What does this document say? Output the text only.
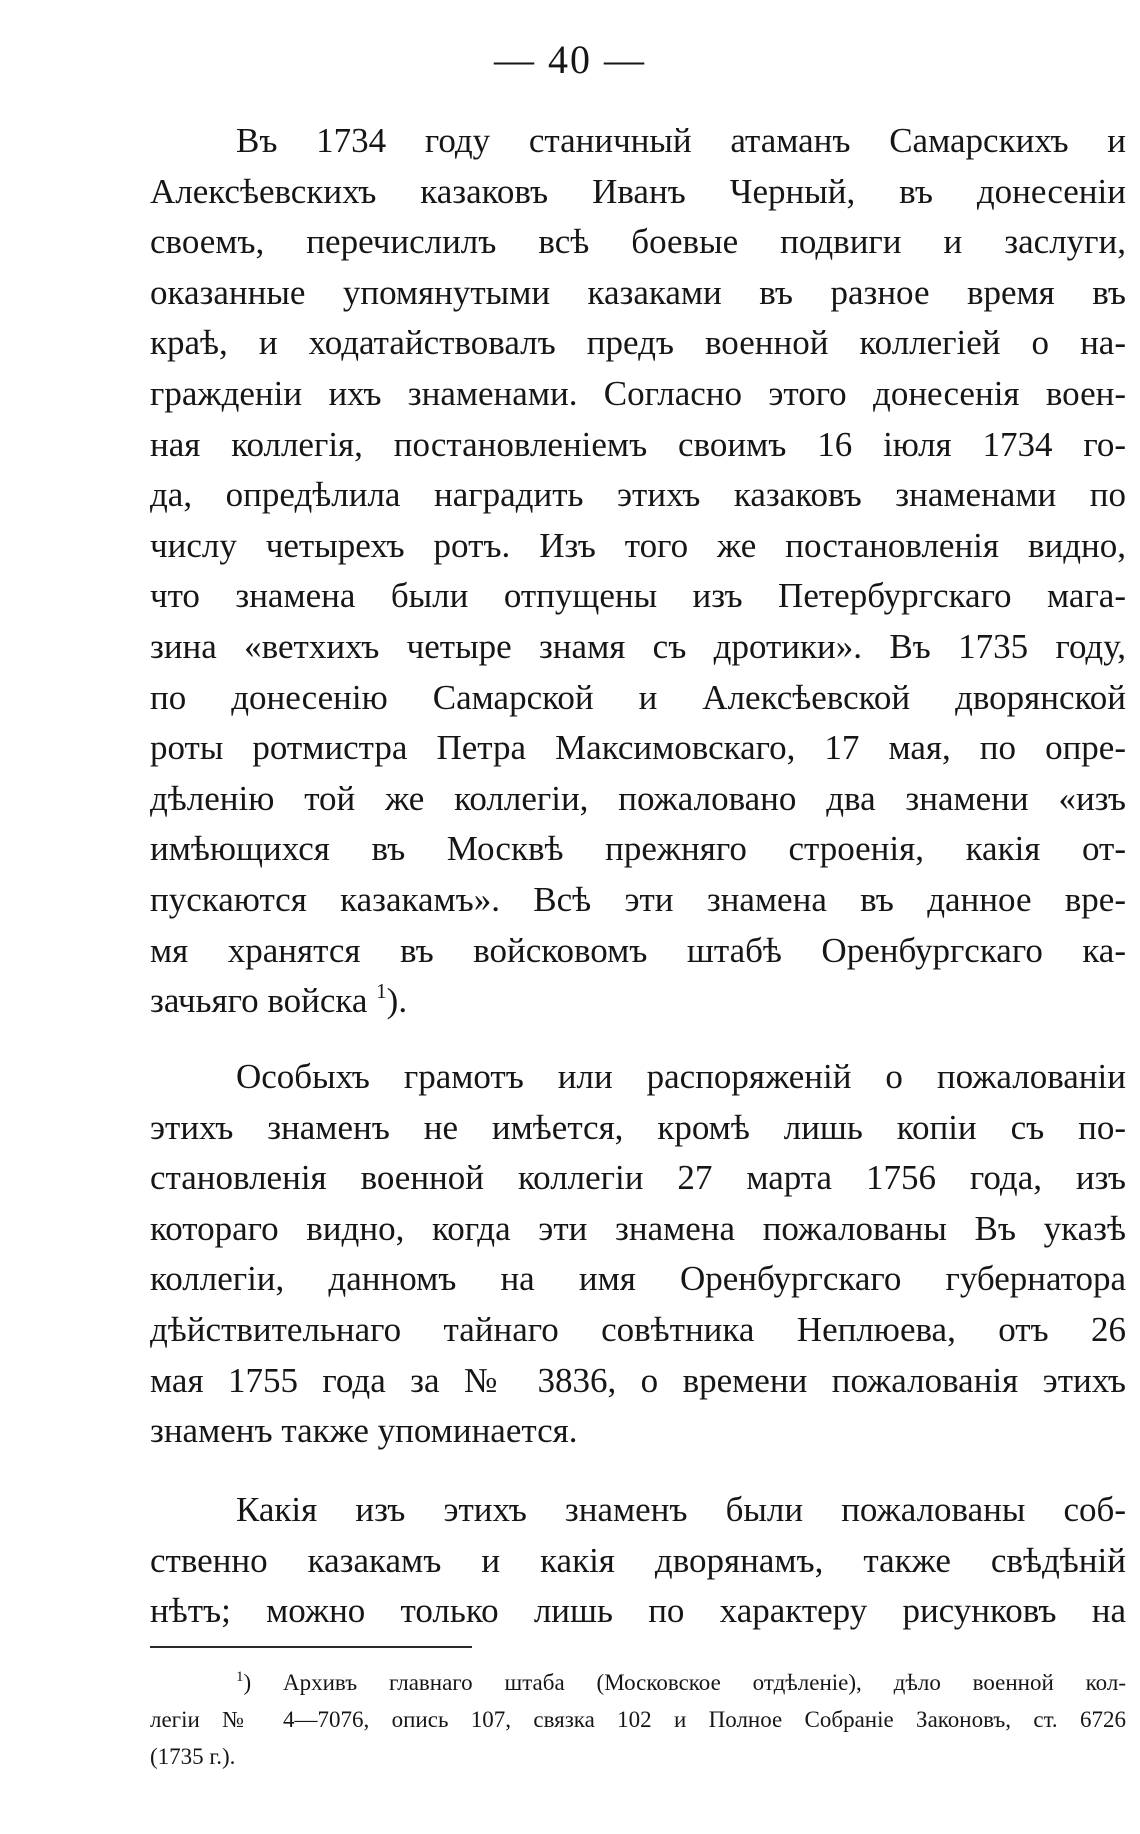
— 40 —
Въ 1734 году станичный атаманъ Самарскихъ и
Алексѣевскихъ казаковъ Иванъ Черный, въ донесеніи
своемъ, перечислилъ всѣ боевые подвиги и заслуги,
оказанные упомянутыми казаками въ разное время въ
краѣ, и ходатайствовалъ предъ военной коллегіей о на-
гражденіи ихъ знаменами. Согласно этого донесенія воен-
ная коллегія, постановленіемъ своимъ 16 іюля 1734 го-
да, опредѣлила наградить этихъ казаковъ знаменами по
числу четырехъ ротъ. Изъ того же постановленія видно,
что знамена были отпущены изъ Петербургскаго мага-
зина «ветхихъ четыре знамя съ дротики». Въ 1735 году,
по донесенію Самарской и Алексѣевской дворянской
роты ротмистра Петра Максимовскаго, 17 мая, по опре-
дѣленію той же коллегіи, пожаловано два знамени «изъ
имѣющихся въ Москвѣ прежняго строенія, какія от-
пускаются казакамъ». Всѣ эти знамена въ данное вре-
мя хранятся въ войсковомъ штабѣ Оренбургскаго ка-
зачьяго войска $^1$).
Особыхъ грамотъ или распоряженій о пожалованіи
этихъ знаменъ не имѣется, кромѣ лишь копіи съ по-
становленія военной коллегіи 27 марта 1756 года, изъ
котораго видно, когда эти знамена пожалованы Въ указѣ
коллегіи, данномъ на имя Оренбургскаго губернатора
дѣйствительнаго тайнаго совѣтника Неплюева, отъ 26
мая 1755 года за № 3836, о времени пожалованія этихъ
знаменъ также упоминается.
Какія изъ этихъ знаменъ были пожалованы соб-
ственно казакамъ и какія дворянамъ, также свѣдѣній
нѣтъ; можно только лишь по характеру рисунковъ на
$^1$) Архивъ главнаго штаба (Московское отдѣленіе), дѣло военной кол-
легіи № 4—7076, опись 107, связка 102 и Полное Собраніе Законовъ, ст. 6726
(1735 г.).
